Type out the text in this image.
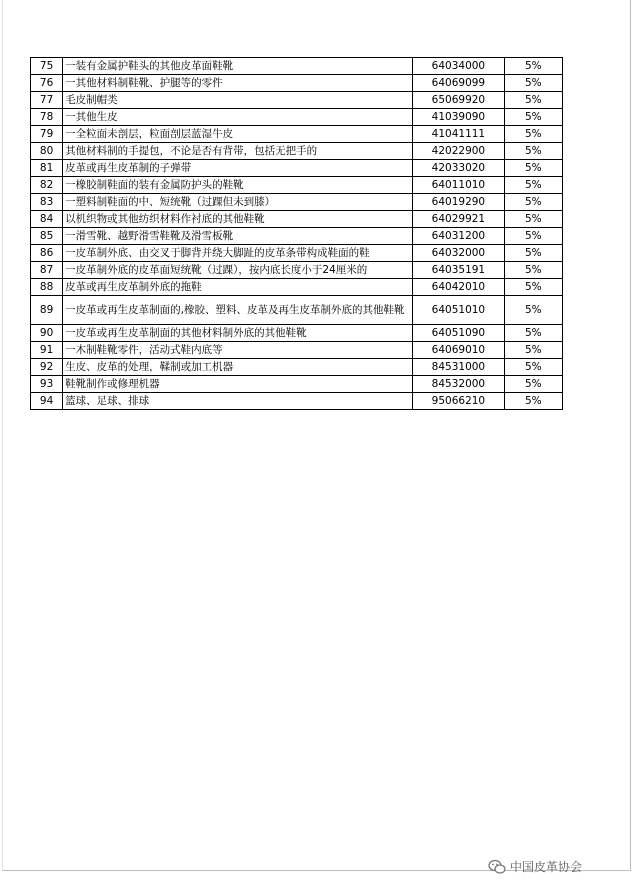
75	一装有金属护鞋头的其他皮革面鞋靴	64034000	5%
76	一其他材料制鞋靴、护腿等的零件	64069099	5%
77	毛皮制帽类	65069920	5%
78	一其他生皮	41039090	5%
79	一全粒面未剖层，粒面剖层蓝湿牛皮	41041111	5%
80	其他材料制的手提包，不论是否有背带，包括无把手的	42022900	5%
81	皮革或再生皮革制的子弹带	42033020	5%
82	一橡胶制鞋面的装有金属防护头的鞋靴	64011010	5%
83	一塑料制鞋面的中、短统靴（过踝但未到膝）	64019290	5%
84	以机织物或其他纺织材料作衬底的其他鞋靴	64029921	5%
85	一滑雪靴、越野滑雪鞋靴及滑雪板靴	64031200	5%
86	一皮革制外底、由交叉于脚背并绕大脚趾的皮革条带构成鞋面的鞋	64032000	5%
87	一皮革制外底的皮革面短统靴（过踝），按内底长度小于24厘米的	64035191	5%
88	皮革或再生皮革制外底的拖鞋	64042010	5%
89	一皮革或再生皮革制面的,橡胶、塑料、皮革及再生皮革制外底的其他鞋靴	64051010	5%
90	一皮革或再生皮革制面的其他材料制外底的其他鞋靴	64051090	5%
91	一木制鞋靴零件，活动式鞋内底等	64069010	5%
92	生皮、皮革的处理，鞣制或加工机器	84531000	5%
93	鞋靴制作或修理机器	84532000	5%
94	篮球、足球、排球	95066210	5%
中国皮革协会
